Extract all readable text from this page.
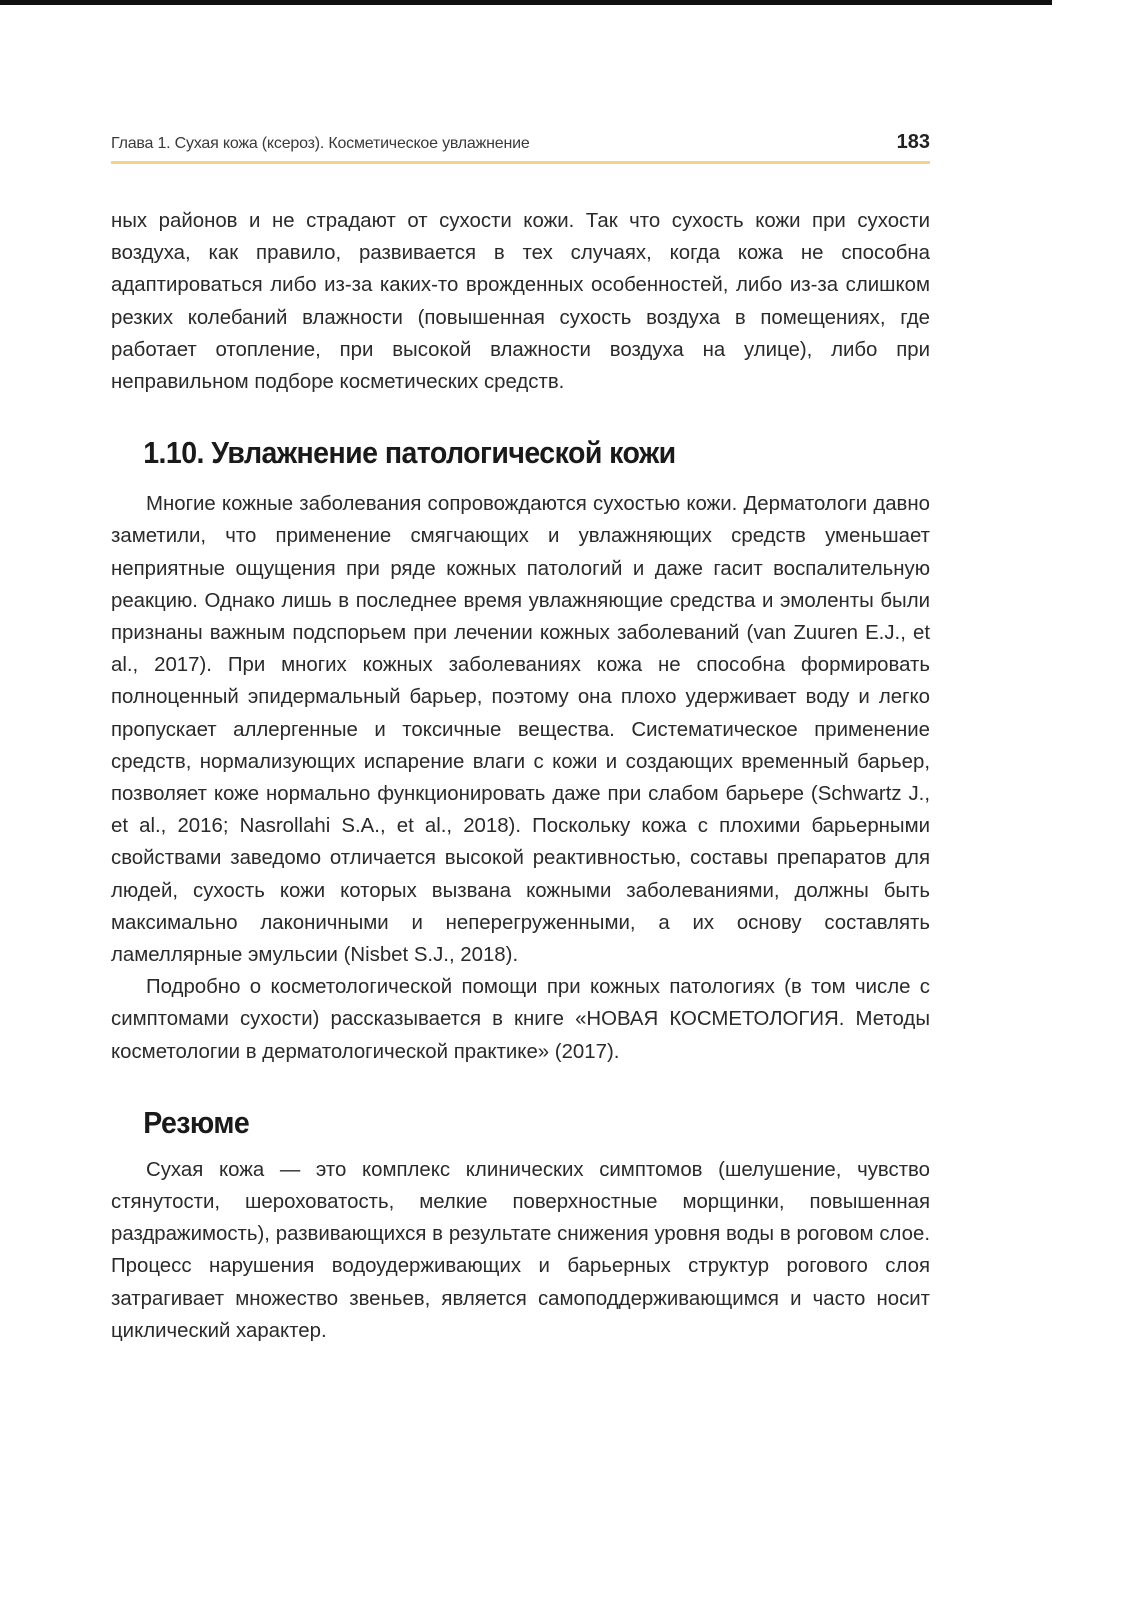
Глава 1. Сухая кожа (ксероз). Косметическое увлажнение	183

ных районов и не страдают от сухости кожи. Так что сухость кожи при сухости воздуха, как правило, развивается в тех случаях, когда кожа не способна адаптироваться либо из-за каких-то врожденных особенностей, либо из-за слишком резких колебаний влажности (повышенная сухость воздуха в помещениях, где работает отопление, при высокой влажности воздуха на улице), либо при неправильном подборе косметических средств.

1.10. Увлажнение патологической кожи

Многие кожные заболевания сопровождаются сухостью кожи. Дерматологи давно заметили, что применение смягчающих и увлажняющих средств уменьшает неприятные ощущения при ряде кожных патологий и даже гасит воспалительную реакцию. Однако лишь в последнее время увлажняющие средства и эмоленты были признаны важным подспорьем при лечении кожных заболеваний (van Zuuren E.J., et al., 2017). При многих кожных заболеваниях кожа не способна формировать полноценный эпидермальный барьер, поэтому она плохо удерживает воду и легко пропускает аллергенные и токсичные вещества. Систематическое применение средств, нормализующих испарение влаги с кожи и создающих временный барьер, позволяет коже нормально функционировать даже при слабом барьере (Schwartz J., et al., 2016; Nasrollahi S.A., et al., 2018). Поскольку кожа с плохими барьерными свойствами заведомо отличается высокой реактивностью, составы препаратов для людей, сухость кожи которых вызвана кожными заболеваниями, должны быть максимально лаконичными и неперегруженными, а их основу составлять ламеллярные эмульсии (Nisbet S.J., 2018).

Подробно о косметологической помощи при кожных патологиях (в том числе с симптомами сухости) рассказывается в книге «НОВАЯ КОСМЕТОЛОГИЯ. Методы косметологии в дерматологической практике» (2017).

Резюме

Сухая кожа — это комплекс клинических симптомов (шелушение, чувство стянутости, шероховатость, мелкие поверхностные морщинки, повышенная раздражимость), развивающихся в результате снижения уровня воды в роговом слое. Процесс нарушения водоудерживающих и барьерных структур рогового слоя затрагивает множество звеньев, является самоподдерживающимся и часто носит циклический характер.
